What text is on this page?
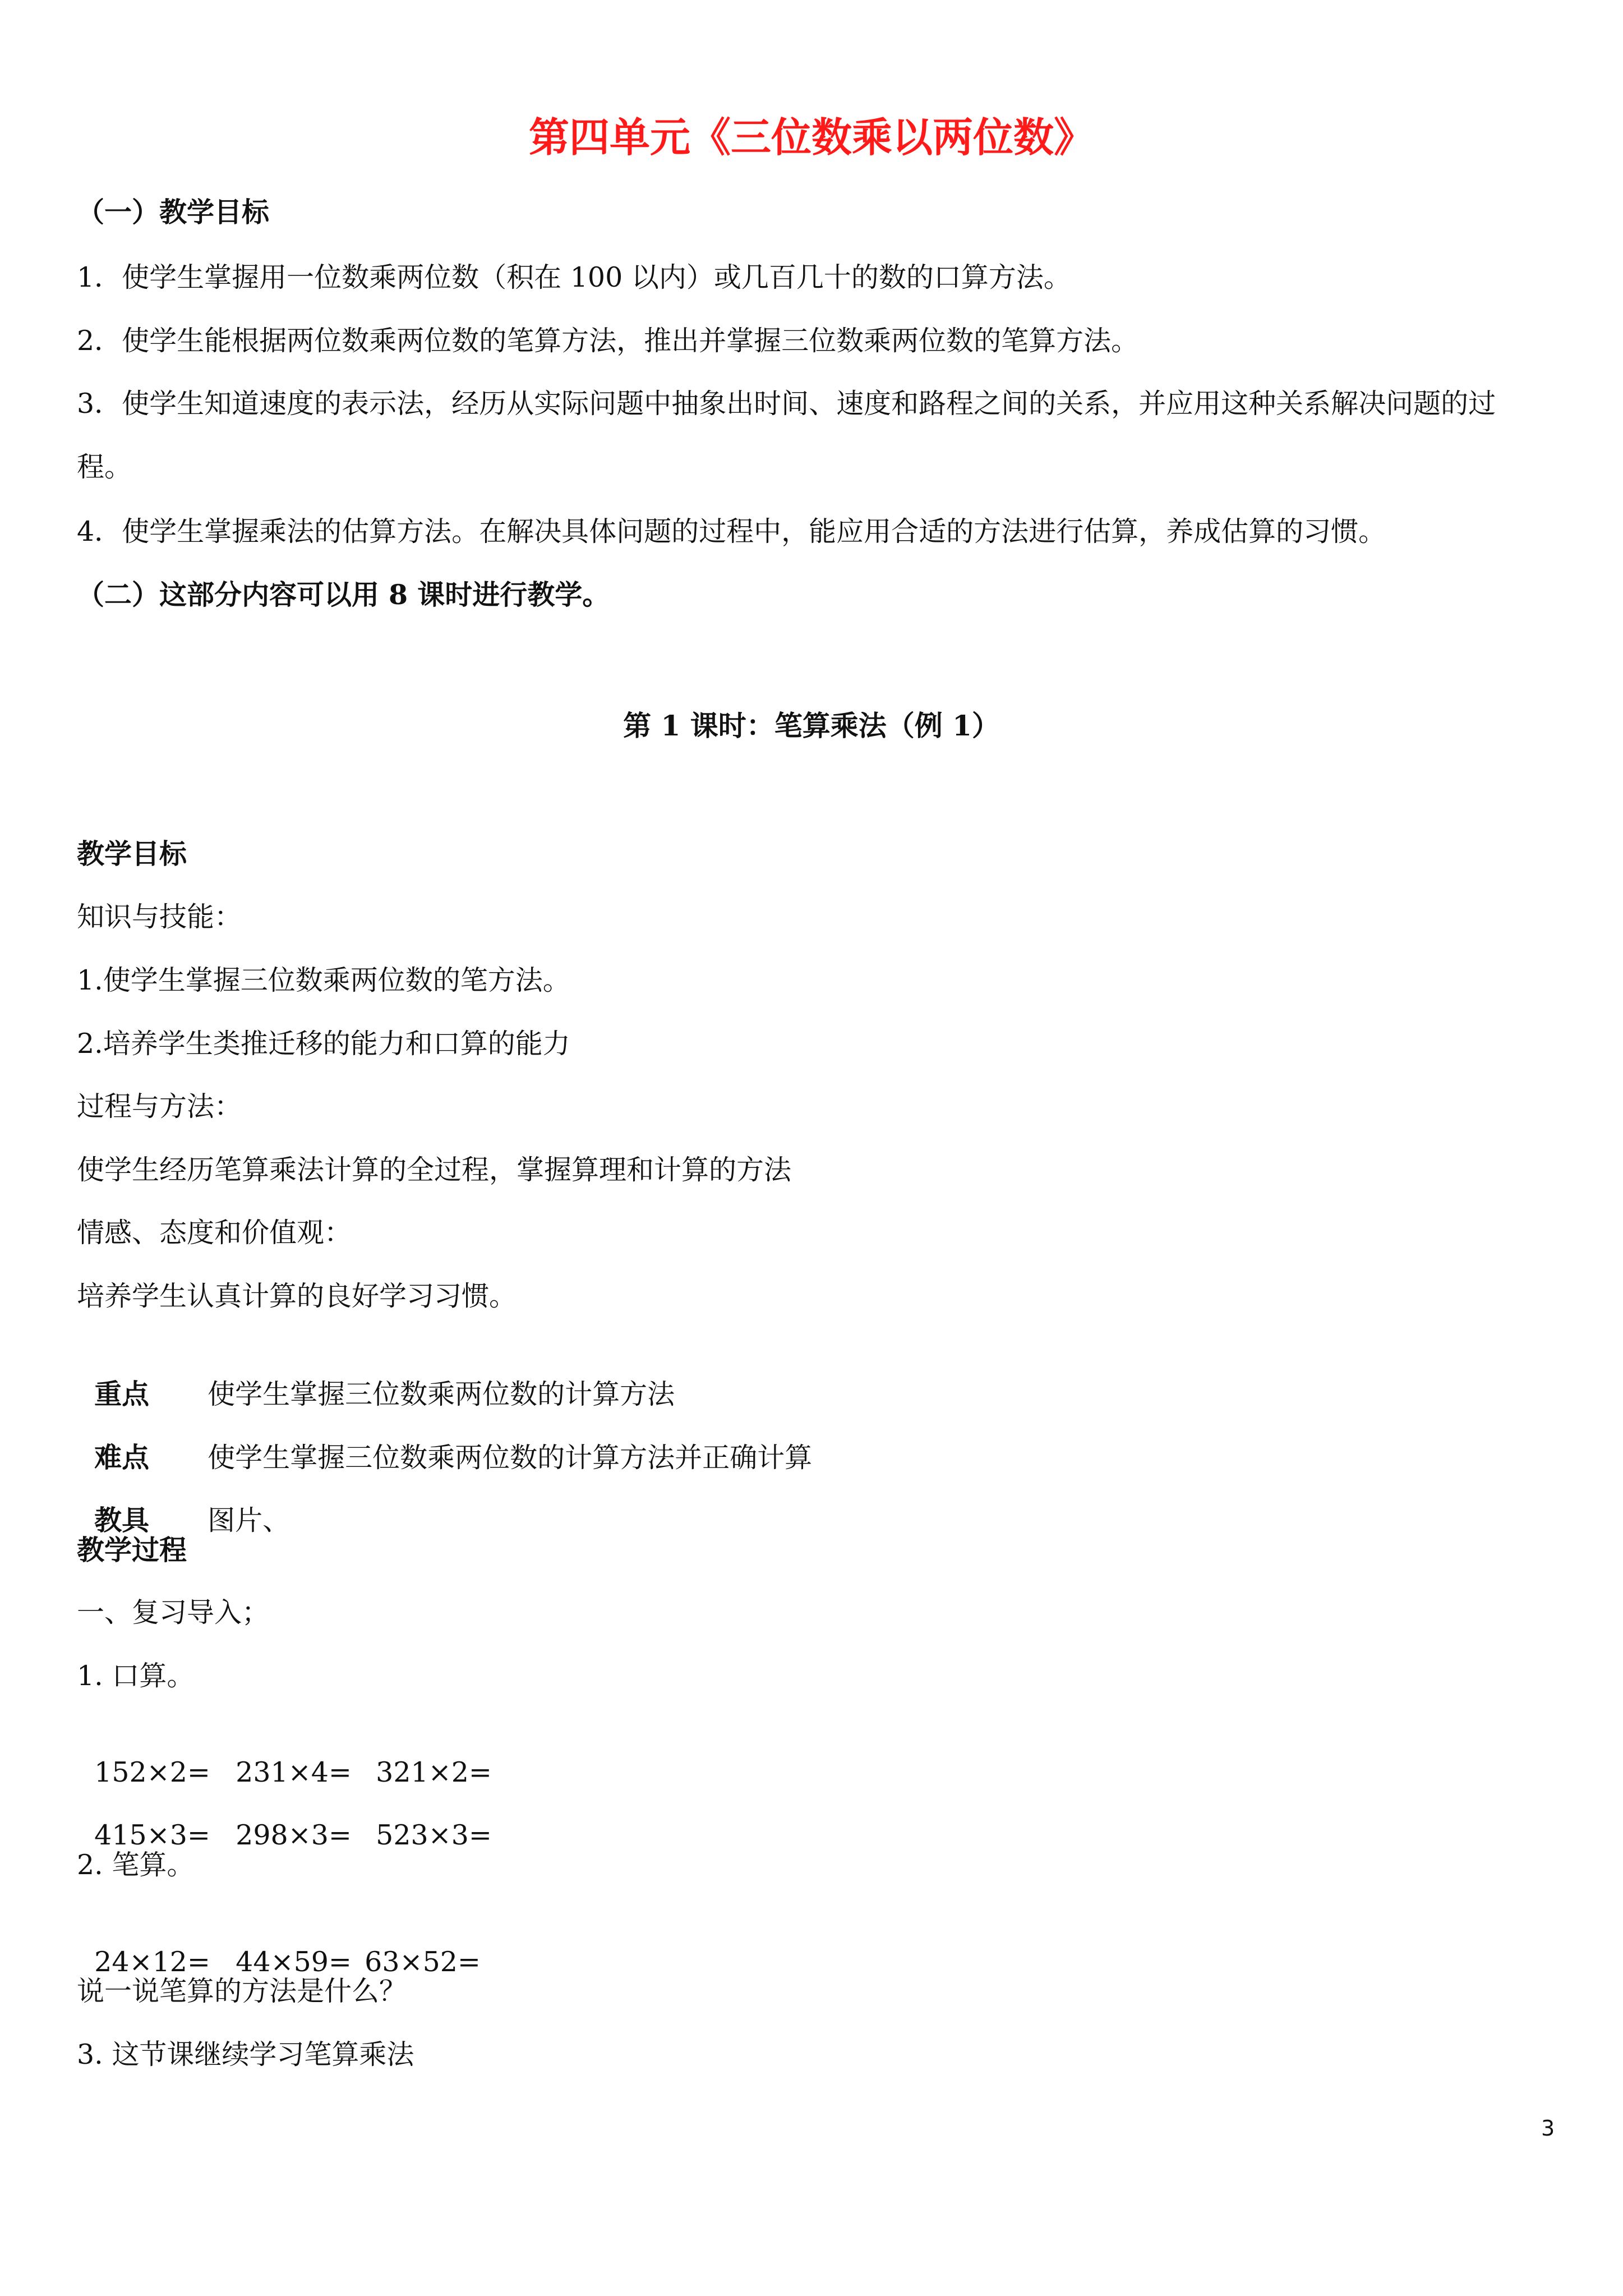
第四单元《三位数乘以两位数》

（一）教学目标

1．使学生掌握用一位数乘两位数（积在 100 以内）或几百几十的数的口算方法。

2．使学生能根据两位数乘两位数的笔算方法，推出并掌握三位数乘两位数的笔算方法。

3．使学生知道速度的表示法，经历从实际问题中抽象出时间、速度和路程之间的关系，并应用这种关系解决问题的过

程。

4．使学生掌握乘法的估算方法。在解决具体问题的过程中，能应用合适的方法进行估算，养成估算的习惯。

（二）这部分内容可以用 8 课时进行教学。

第 1 课时：笔算乘法（例 1）

教学目标

知识与技能：

1.使学生掌握三位数乘两位数的笔方法。

2.培养学生类推迁移的能力和口算的能力

过程与方法：

使学生经历笔算乘法计算的全过程，掌握算理和计算的方法

情感、态度和价值观：

培养学生认真计算的良好学习习惯。

重点 使学生掌握三位数乘两位数的计算方法

难点 使学生掌握三位数乘两位数的计算方法并正确计算

教具 图片、

教学过程

一、复习导入；

1. 口算。

152×2= 231×4= 321×2=

415×3= 298×3= 523×3=

2. 笔算。

24×12= 44×59= 63×52=

说一说笔算的方法是什么？

3. 这节课继续学习笔算乘法

3
